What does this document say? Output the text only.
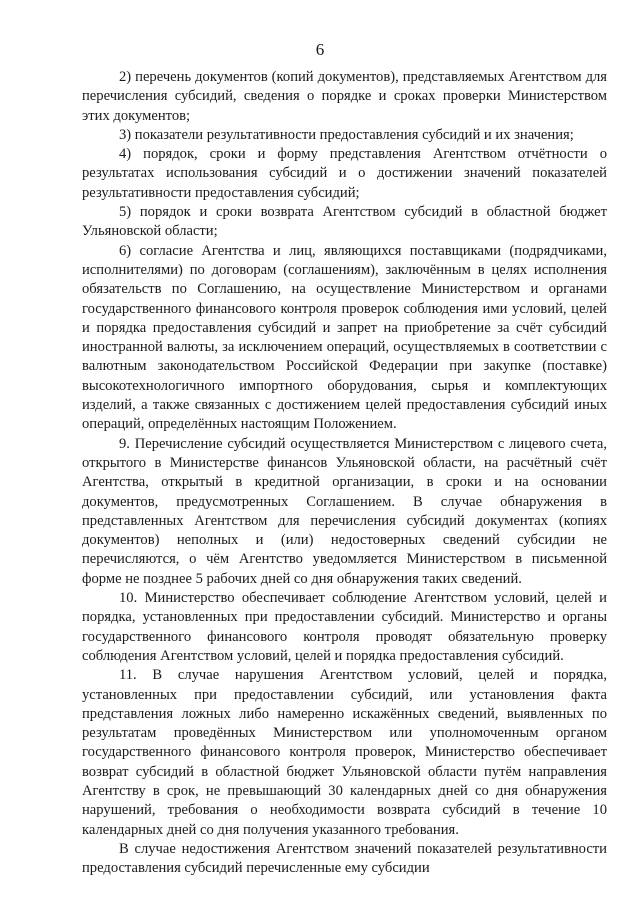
6

2) перечень документов (копий документов), представляемых Агентством для перечисления субсидий, сведения о порядке и сроках проверки Министерством этих документов;

3) показатели результативности предоставления субсидий и их значения;

4) порядок, сроки и форму представления Агентством отчётности о результатах использования субсидий и о достижении значений показателей результативности предоставления субсидий;

5) порядок и сроки возврата Агентством субсидий в областной бюджет Ульяновской области;

6) согласие Агентства и лиц, являющихся поставщиками (подрядчиками, исполнителями) по договорам (соглашениям), заключённым в целях исполнения обязательств по Соглашению, на осуществление Министерством и органами государственного финансового контроля проверок соблюдения ими условий, целей и порядка предоставления субсидий и запрет на приобретение за счёт субсидий иностранной валюты, за исключением операций, осуществляемых в соответствии с валютным законодательством Российской Федерации при закупке (поставке) высокотехнологичного импортного оборудования, сырья и комплектующих изделий, а также связанных с достижением целей предоставления субсидий иных операций, определённых настоящим Положением.

9. Перечисление субсидий осуществляется Министерством с лицевого счета, открытого в Министерстве финансов Ульяновской области, на расчётный счёт Агентства, открытый в кредитной организации, в сроки и на основании документов, предусмотренных Соглашением. В случае обнаружения в представленных Агентством для перечисления субсидий документах (копиях документов) неполных и (или) недостоверных сведений субсидии не перечисляются, о чём Агентство уведомляется Министерством в письменной форме не позднее 5 рабочих дней со дня обнаружения таких сведений.

10. Министерство обеспечивает соблюдение Агентством условий, целей и порядка, установленных при предоставлении субсидий. Министерство и органы государственного финансового контроля проводят обязательную проверку соблюдения Агентством условий, целей и порядка предоставления субсидий.

11. В случае нарушения Агентством условий, целей и порядка, установленных при предоставлении субсидий, или установления факта представления ложных либо намеренно искажённых сведений, выявленных по результатам проведённых Министерством или уполномоченным органом государственного финансового контроля проверок, Министерство обеспечивает возврат субсидий в областной бюджет Ульяновской области путём направления Агентству в срок, не превышающий 30 календарных дней со дня обнаружения нарушений, требования о необходимости возврата субсидий в течение 10 календарных дней со дня получения указанного требования.

В случае недостижения Агентством значений показателей результативности предоставления субсидий перечисленные ему субсидии
